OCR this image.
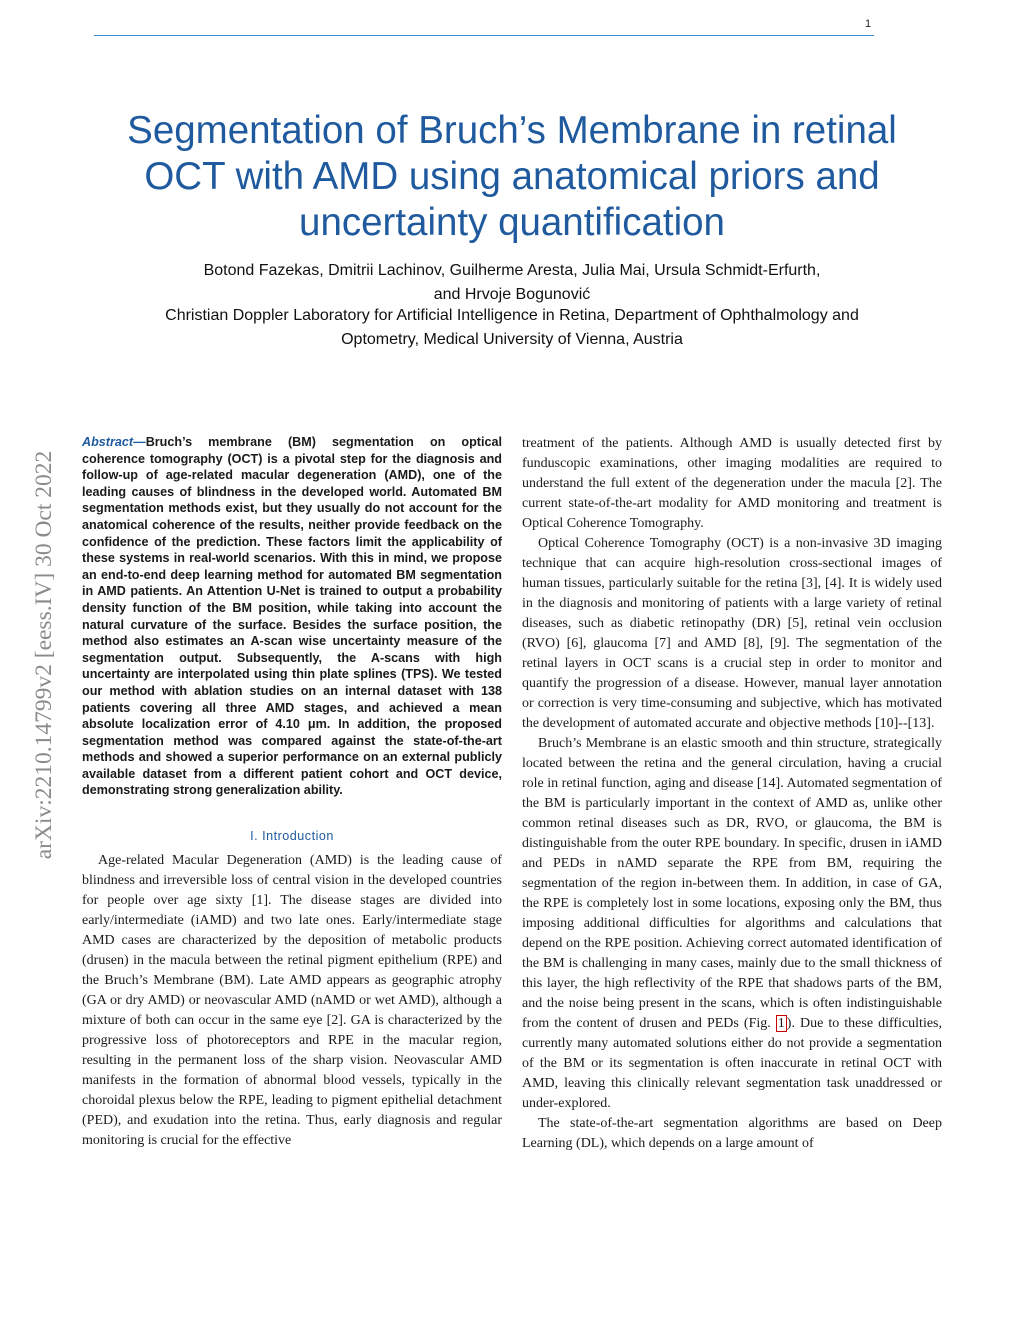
1
arXiv:2210.14799v2 [eess.IV] 30 Oct 2022
Segmentation of Bruch’s Membrane in retinal
OCT with AMD using anatomical priors and
uncertainty quantification
Botond Fazekas, Dmitrii Lachinov, Guilherme Aresta, Julia Mai, Ursula Schmidt-Erfurth,
and Hrvoje Bogunović
Christian Doppler Laboratory for Artificial Intelligence in Retina, Department of Ophthalmology and
Optometry, Medical University of Vienna, Austria

Abstract—Bruch’s membrane (BM) segmentation on optical coherence tomography (OCT) is a pivotal step for the diagnosis and follow-up of age-related macular degeneration (AMD), one of the leading causes of blindness in the developed world. Automated BM segmentation methods exist, but they usually do not account for the anatomical coherence of the results, neither provide feedback on the confidence of the prediction. These factors limit the applicability of these systems in real-world scenarios. With this in mind, we propose an end-to-end deep learning method for automated BM segmentation in AMD patients. An Attention U-Net is trained to output a probability density function of the BM position, while taking into account the natural curvature of the surface. Besides the surface position, the method also estimates an A-scan wise uncertainty measure of the segmentation output. Subsequently, the A-scans with high uncertainty are interpolated using thin plate splines (TPS). We tested our method with ablation studies on an internal dataset with 138 patients covering all three AMD stages, and achieved a mean absolute localization error of 4.10 μm. In addition, the proposed segmentation method was compared against the state-of-the-art methods and showed a superior performance on an external publicly available dataset from a different patient cohort and OCT device, demonstrating strong generalization ability.

I. Introduction

Age-related Macular Degeneration (AMD) is the leading cause of blindness and irreversible loss of central vision in the developed countries for people over age sixty [1]. The disease stages are divided into early/intermediate (iAMD) and two late ones. Early/intermediate stage AMD cases are characterized by the deposition of metabolic products (drusen) in the macula between the retinal pigment epithelium (RPE) and the Bruch’s Membrane (BM). Late AMD appears as geographic atrophy (GA or dry AMD) or neovascular AMD (nAMD or wet AMD), although a mixture of both can occur in the same eye [2]. GA is characterized by the progressive loss of photoreceptors and RPE in the macular region, resulting in the permanent loss of the sharp vision. Neovascular AMD manifests in the formation of abnormal blood vessels, typically in the choroidal plexus below the RPE, leading to pigment epithelial detachment (PED), and exudation into the retina. Thus, early diagnosis and regular monitoring is crucial for the effective

treatment of the patients. Although AMD is usually detected first by funduscopic examinations, other imaging modalities are required to understand the full extent of the degeneration under the macula [2]. The current state-of-the-art modality for AMD monitoring and treatment is Optical Coherence Tomography.

Optical Coherence Tomography (OCT) is a non-invasive 3D imaging technique that can acquire high-resolution cross-sectional images of human tissues, particularly suitable for the retina [3], [4]. It is widely used in the diagnosis and monitoring of patients with a large variety of retinal diseases, such as diabetic retinopathy (DR) [5], retinal vein occlusion (RVO) [6], glaucoma [7] and AMD [8], [9]. The segmentation of the retinal layers in OCT scans is a crucial step in order to monitor and quantify the progression of a disease. However, manual layer annotation or correction is very time-consuming and subjective, which has motivated the development of automated accurate and objective methods [10]--[13].

Bruch’s Membrane is an elastic smooth and thin structure, strategically located between the retina and the general circulation, having a crucial role in retinal function, aging and disease [14]. Automated segmentation of the BM is particularly important in the context of AMD as, unlike other common retinal diseases such as DR, RVO, or glaucoma, the BM is distinguishable from the outer RPE boundary. In specific, drusen in iAMD and PEDs in nAMD separate the RPE from BM, requiring the segmentation of the region in-between them. In addition, in case of GA, the RPE is completely lost in some locations, exposing only the BM, thus imposing additional difficulties for algorithms and calculations that depend on the RPE position. Achieving correct automated identification of the BM is challenging in many cases, mainly due to the small thickness of this layer, the high reflectivity of the RPE that shadows parts of the BM, and the noise being present in the scans, which is often indistinguishable from the content of drusen and PEDs (Fig. 1 ). Due to these difficulties, currently many automated solutions either do not provide a segmentation of the BM or its segmentation is often inaccurate in retinal OCT with AMD, leaving this clinically relevant segmentation task unaddressed or under-explored.

The state-of-the-art segmentation algorithms are based on Deep Learning (DL), which depends on a large amount of
